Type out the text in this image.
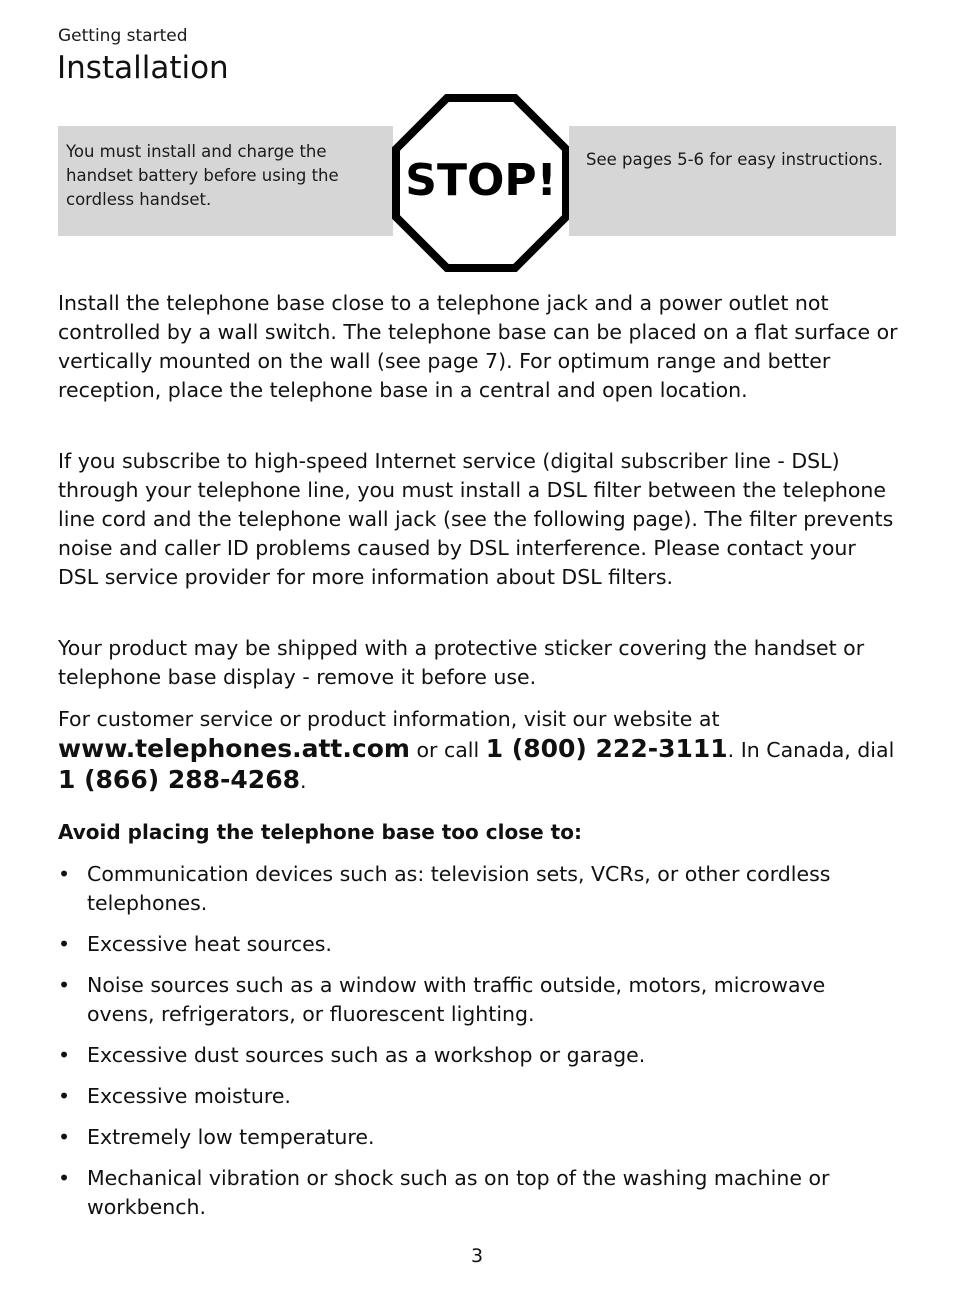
Getting started
Installation
You must install and charge the handset battery before using the cordless handset.	STOP!	See pages 5-6 for easy instructions.

Install the telephone base close to a telephone jack and a power outlet not controlled by a wall switch. The telephone base can be placed on a flat surface or vertically mounted on the wall (see page 7). For optimum range and better reception, place the telephone base in a central and open location.

If you subscribe to high-speed Internet service (digital subscriber line - DSL) through your telephone line, you must install a DSL filter between the telephone line cord and the telephone wall jack (see the following page). The filter prevents noise and caller ID problems caused by DSL interference. Please contact your DSL service provider for more information about DSL filters.

Your product may be shipped with a protective sticker covering the handset or telephone base display - remove it before use.

For customer service or product information, visit our website at www.telephones.att.com or call 1 (800) 222-3111. In Canada, dial 1 (866) 288-4268.

Avoid placing the telephone base too close to:
• Communication devices such as: television sets, VCRs, or other cordless telephones.
• Excessive heat sources.
• Noise sources such as a window with traffic outside, motors, microwave ovens, refrigerators, or fluorescent lighting.
• Excessive dust sources such as a workshop or garage.
• Excessive moisture.
• Extremely low temperature.
• Mechanical vibration or shock such as on top of the washing machine or workbench.
3
